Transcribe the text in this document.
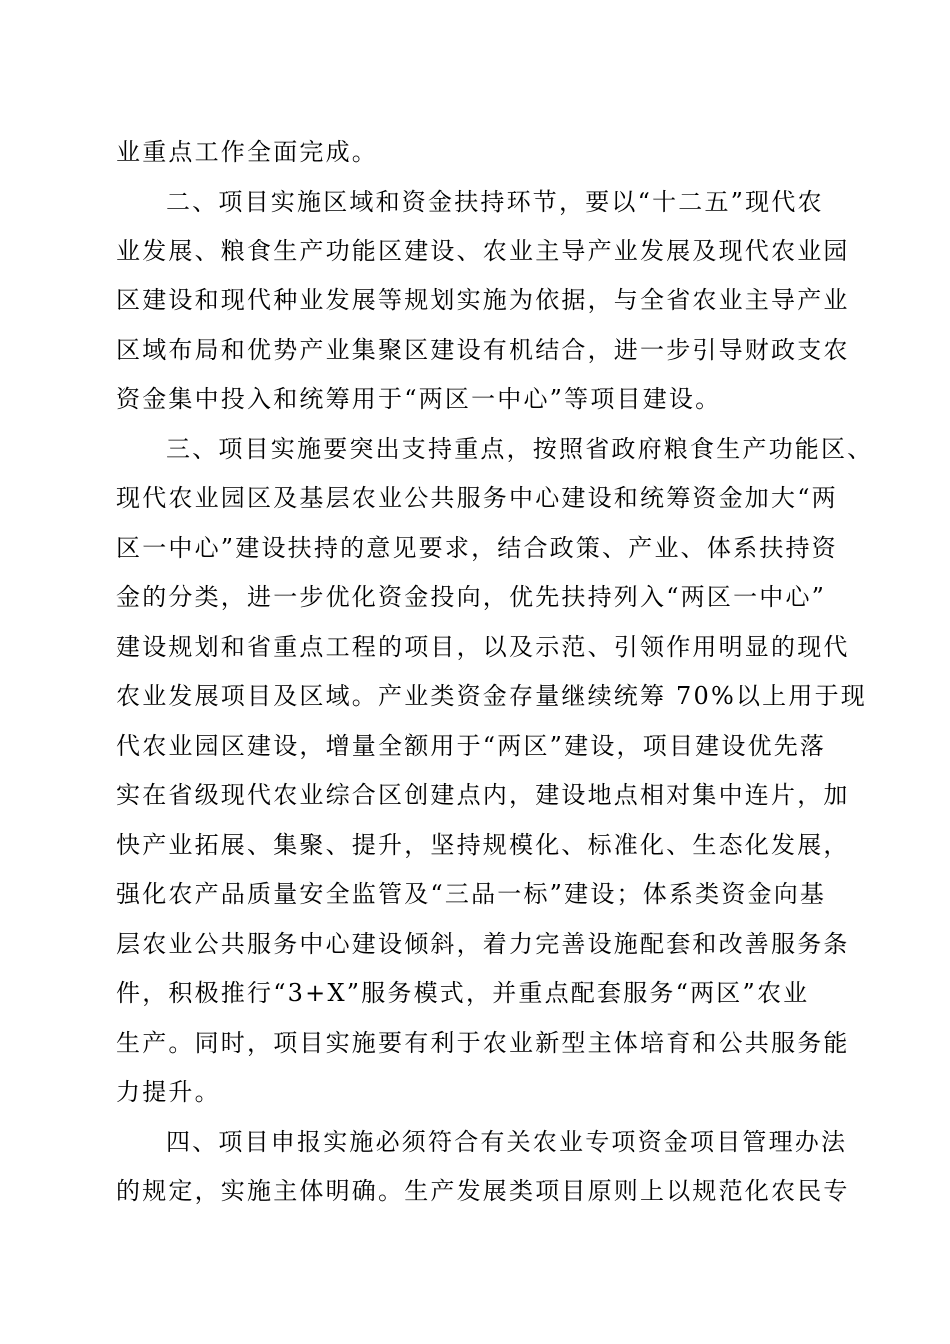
业重点工作全面完成。
二、项目实施区域和资金扶持环节，要以“十二五”现代农
业发展、粮食生产功能区建设、农业主导产业发展及现代农业园
区建设和现代种业发展等规划实施为依据，与全省农业主导产业
区域布局和优势产业集聚区建设有机结合，进一步引导财政支农
资金集中投入和统筹用于“两区一中心”等项目建设。
三、项目实施要突出支持重点，按照省政府粮食生产功能区、
现代农业园区及基层农业公共服务中心建设和统筹资金加大“两
区一中心”建设扶持的意见要求，结合政策、产业、体系扶持资
金的分类，进一步优化资金投向，优先扶持列入“两区一中心”
建设规划和省重点工程的项目，以及示范、引领作用明显的现代
农业发展项目及区域。产业类资金存量继续统筹 70%以上用于现
代农业园区建设，增量全额用于“两区”建设，项目建设优先落
实在省级现代农业综合区创建点内，建设地点相对集中连片，加
快产业拓展、集聚、提升，坚持规模化、标准化、生态化发展，
强化农产品质量安全监管及“三品一标”建设；体系类资金向基
层农业公共服务中心建设倾斜，着力完善设施配套和改善服务条
件，积极推行“3+X”服务模式，并重点配套服务“两区”农业
生产。同时，项目实施要有利于农业新型主体培育和公共服务能
力提升。
四、项目申报实施必须符合有关农业专项资金项目管理办法
的规定，实施主体明确。生产发展类项目原则上以规范化农民专
